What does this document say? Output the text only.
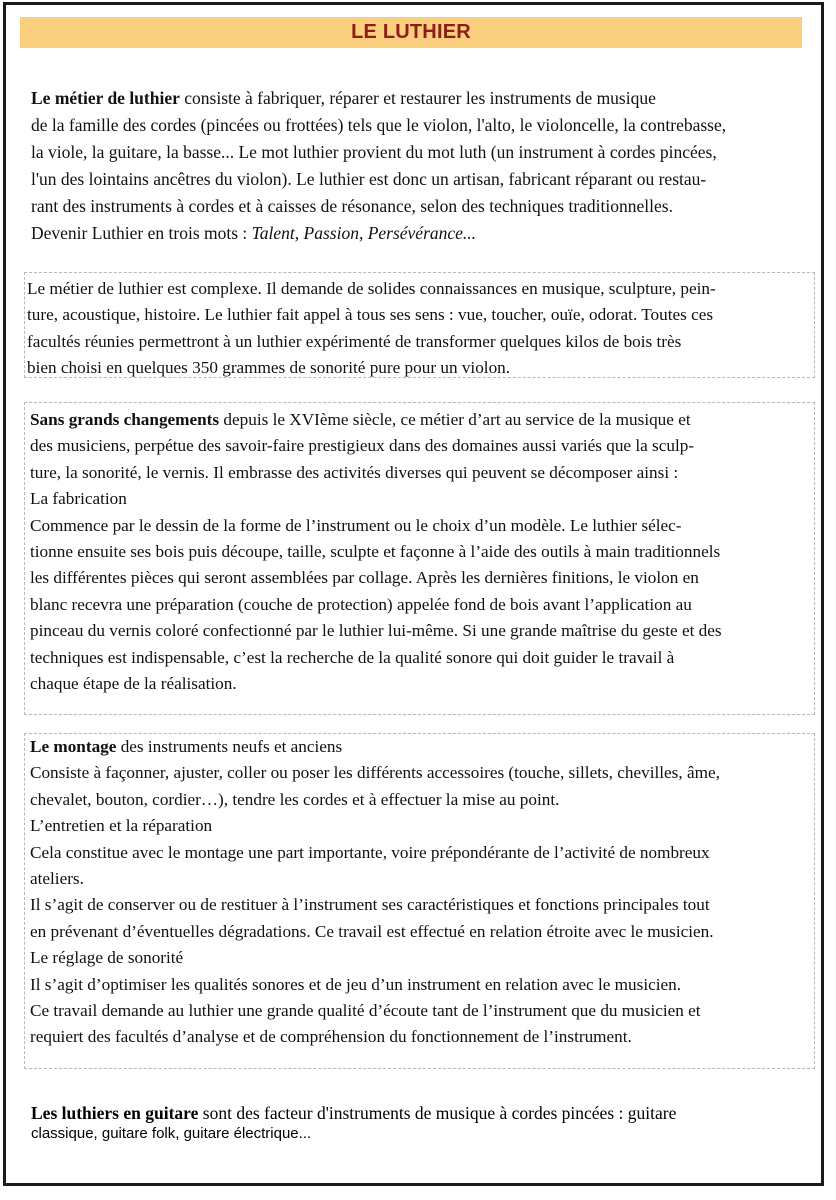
LE LUTHIER
Le métier de luthier consiste à fabriquer, réparer et restaurer les instruments de musique
de la famille des cordes (pincées ou frottées) tels que le violon, l'alto, le violoncelle, la contrebasse,
la viole, la guitare, la basse... Le mot luthier provient du mot luth (un instrument à cordes pincées,
l'un des lointains ancêtres du violon). Le luthier est donc un artisan, fabricant réparant ou restau-
rant des instruments à cordes et à caisses de résonance, selon des techniques traditionnelles.
Devenir Luthier en trois mots : Talent, Passion, Persévérance...

Le métier de luthier est complexe. Il demande de solides connaissances en musique, sculpture, pein-

ture, acoustique, histoire. Le luthier fait appel à tous ses sens : vue, toucher, ouïe, odorat. Toutes ces

facultés réunies permettront à un luthier expérimenté de transformer quelques kilos de bois très

bien choisi en quelques 350 grammes de sonorité pure pour un violon.

Sans grands changements depuis le XVIème siècle, ce métier d’art au service de la musique et

des musiciens, perpétue des savoir-faire prestigieux dans des domaines aussi variés que la sculp-

ture, la sonorité, le vernis. Il embrasse des activités diverses qui peuvent se décomposer ainsi :

La fabrication

Commence par le dessin de la forme de l’instrument ou le choix d’un modèle. Le luthier sélec-

tionne ensuite ses bois puis découpe, taille, sculpte et façonne à l’aide des outils à main traditionnels

les différentes pièces qui seront assemblées par collage. Après les dernières finitions, le violon en

blanc recevra une préparation (couche de protection) appelée fond de bois avant l’application au

pinceau du vernis coloré confectionné par le luthier lui-même. Si une grande maîtrise du geste et des

techniques est indispensable, c’est la recherche de la qualité sonore qui doit guider le travail à

chaque étape de la réalisation.

Le montage des instruments neufs et anciens

Consiste à façonner, ajuster, coller ou poser les différents accessoires (touche, sillets, chevilles, âme,

chevalet, bouton, cordier…), tendre les cordes et à effectuer la mise au point.

L’entretien et la réparation

Cela constitue avec le montage une part importante, voire prépondérante de l’activité de nombreux

ateliers.

Il s’agit de conserver ou de restituer à l’instrument ses caractéristiques et fonctions principales tout

en prévenant d’éventuelles dégradations. Ce travail est effectué en relation étroite avec le musicien.

Le réglage de sonorité

Il s’agit d’optimiser les qualités sonores et de jeu d’un instrument en relation avec le musicien.

Ce travail demande au luthier une grande qualité d’écoute tant de l’instrument que du musicien et

requiert des facultés d’analyse et de compréhension du fonctionnement de l’instrument.

Les luthiers en guitare sont des facteur d'instruments de musique à cordes pincées : guitare
classique, guitare folk, guitare électrique...
